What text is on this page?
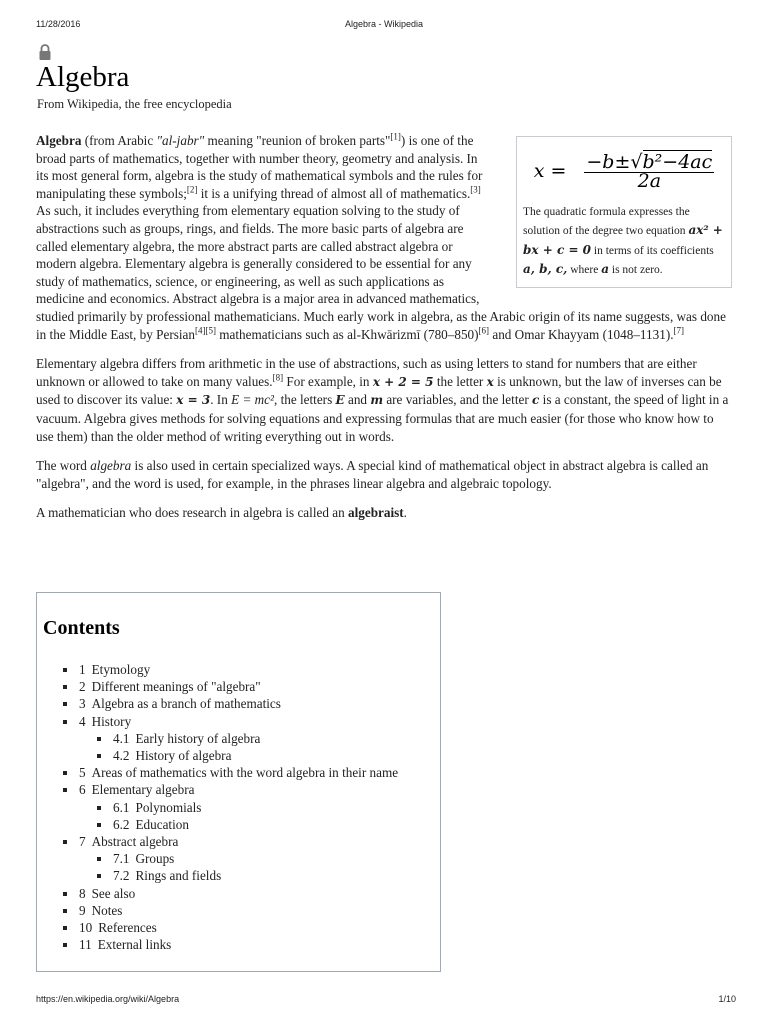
11/28/2016	Algebra - Wikipedia
Algebra
From Wikipedia, the free encyclopedia
$x = \frac{\text{−b±√b²−4ac}}{2a}$
The quadratic formula expresses the solution of the degree two equation ax² + bx + c = 0 in terms of its coefficients a, b, c, where a is not zero.

Algebra (from Arabic "al-jabr" meaning "reunion of broken parts"[1]) is one of the broad parts of mathematics, together with number theory, geometry and analysis. In its most general form, algebra is the study of mathematical symbols and the rules for manipulating these symbols;[2] it is a unifying thread of almost all of mathematics.[3] As such, it includes everything from elementary equation solving to the study of abstractions such as groups, rings, and fields. The more basic parts of algebra are called elementary algebra, the more abstract parts are called abstract algebra or modern algebra. Elementary algebra is generally considered to be essential for any study of mathematics, science, or engineering, as well as such applications as medicine and economics. Abstract algebra is a major area in advanced mathematics, studied primarily by professional mathematicians. Much early work in algebra, as the Arabic origin of its name suggests, was done in the Middle East, by Persian[4][5] mathematicians such as al-Khwārizmī (780–850)[6] and Omar Khayyam (1048–1131).[7]

Elementary algebra differs from arithmetic in the use of abstractions, such as using letters to stand for numbers that are either unknown or allowed to take on many values.[8] For example, in x + 2 = 5 the letter x is unknown, but the law of inverses can be used to discover its value: x = 3. In E = mc², the letters E and m are variables, and the letter c is a constant, the speed of light in a vacuum. Algebra gives methods for solving equations and expressing formulas that are much easier (for those who know how to use them) than the older method of writing everything out in words.

The word algebra is also used in certain specialized ways. A special kind of mathematical object in abstract algebra is called an "algebra", and the word is used, for example, in the phrases linear algebra and algebraic topology.

A mathematician who does research in algebra is called an algebraist.

Contents
1 Etymology
2 Different meanings of "algebra"
3 Algebra as a branch of mathematics
4 History
4.1 Early history of algebra
4.2 History of algebra
5 Areas of mathematics with the word algebra in their name
6 Elementary algebra
6.1 Polynomials
6.2 Education
7 Abstract algebra
7.1 Groups
7.2 Rings and fields
8 See also
9 Notes
10 References
11 External links
https://en.wikipedia.org/wiki/Algebra	1/10
